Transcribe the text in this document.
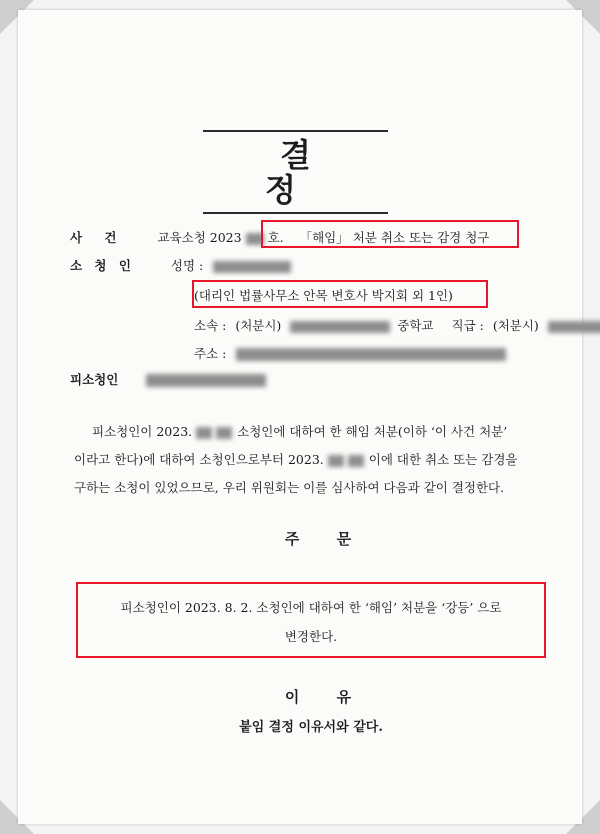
결 정
사 건	교육소청 2023 호. 「해임」 처분 취소 또는 감경 청구
소 청 인	성명 :
(대리인 법률사무소 안목 변호사 박지회 외 1인)
소속 : (처분시)	중학교 직급 : (처분시)
주소 :
피소청인
피소청인이 2023.	소청인에 대하여 한 해임 처분(이하 ‘이 사건 처분’
이라고 한다)에 대하여 소청인으로부터 2023.	이에 대한 취소 또는 감경을
구하는 소청이 있었으므로, 우리 위원회는 이를 심사하여 다음과 같이 결정한다.
주 문
피소청인이 2023. 8. 2. 소청인에 대하여 한 ‘해임’ 처분을 ‘강등’ 으로
변경한다.
이 유
붙임 결정 이유서와 같다.
